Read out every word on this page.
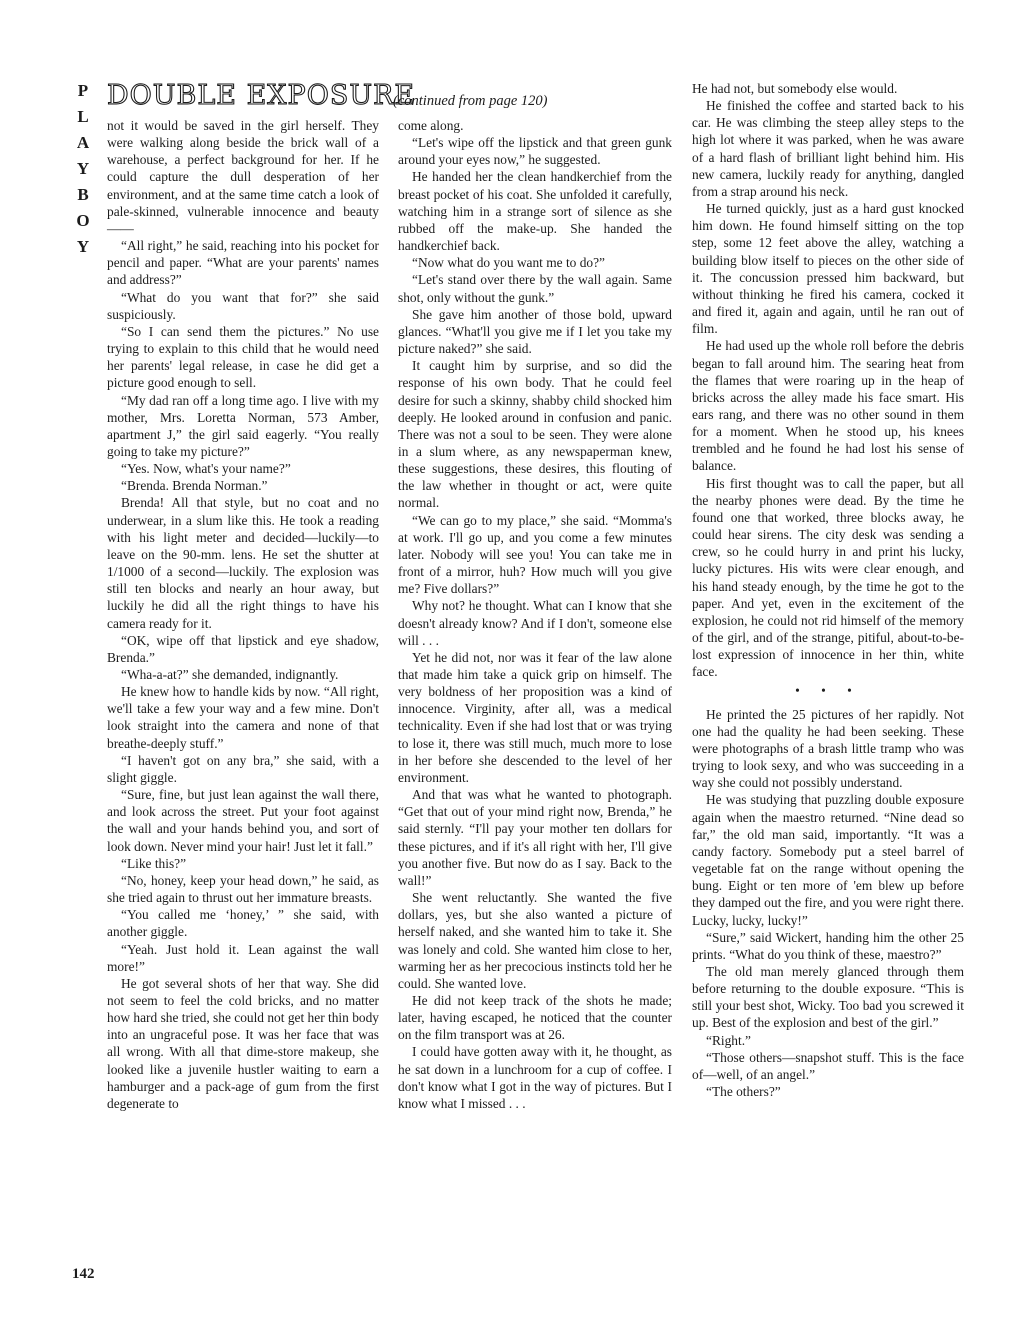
P
L
A
Y
B
O
Y
DOUBLE EXPOSURE
(continued from page 120)

not it would be saved in the girl herself. They were walking along beside the brick wall of a warehouse, a perfect background for her. If he could capture the dull desperation of her environment, and at the same time catch a look of pale-skinned, vulnerable innocence and beauty——

“All right,” he said, reaching into his pocket for pencil and paper. “What are your parents' names and address?”

“What do you want that for?” she said suspiciously.

“So I can send them the pictures.” No use trying to explain to this child that he would need her parents' legal release, in case he did get a picture good enough to sell.

“My dad ran off a long time ago. I live with my mother, Mrs. Loretta Norman, 573 Amber, apartment J,” the girl said eagerly. “You really going to take my picture?”

“Yes. Now, what's your name?”

“Brenda. Brenda Norman.”

Brenda! All that style, but no coat and no underwear, in a slum like this. He took a reading with his light meter and decided—luckily—to leave on the 90-mm. lens. He set the shutter at 1/1000 of a second—luckily. The explosion was still ten blocks and nearly an hour away, but luckily he did all the right things to have his camera ready for it.

“OK, wipe off that lipstick and eye shadow, Brenda.”

“Wha-a-at?” she demanded, indignantly.

He knew how to handle kids by now. “All right, we'll take a few your way and a few mine. Don't look straight into the camera and none of that breathe-deeply stuff.”

“I haven't got on any bra,” she said, with a slight giggle.

“Sure, fine, but just lean against the wall there, and look across the street. Put your foot against the wall and your hands behind you, and sort of look down. Never mind your hair! Just let it fall.”

“Like this?”

“No, honey, keep your head down,” he said, as she tried again to thrust out her immature breasts.

“You called me ‘honey,’ ” she said, with another giggle.

“Yeah. Just hold it. Lean against the wall more!”

He got several shots of her that way. She did not seem to feel the cold bricks, and no matter how hard she tried, she could not get her thin body into an ungraceful pose. It was her face that was all wrong. With all that dime-store makeup, she looked like a juvenile hustler waiting to earn a hamburger and a pack-age of gum from the first degenerate to

come along.

“Let's wipe off the lipstick and that green gunk around your eyes now,” he suggested.

He handed her the clean handkerchief from the breast pocket of his coat. She unfolded it carefully, watching him in a strange sort of silence as she rubbed off the make-up. She handed the handkerchief back.

“Now what do you want me to do?”

“Let's stand over there by the wall again. Same shot, only without the gunk.”

She gave him another of those bold, upward glances. “What'll you give me if I let you take my picture naked?” she said.

It caught him by surprise, and so did the response of his own body. That he could feel desire for such a skinny, shabby child shocked him deeply. He looked around in confusion and panic. There was not a soul to be seen. They were alone in a slum where, as any newspaperman knew, these suggestions, these desires, this flouting of the law whether in thought or act, were quite normal.

“We can go to my place,” she said. “Momma's at work. I'll go up, and you come a few minutes later. Nobody will see you! You can take me in front of a mirror, huh? How much will you give me? Five dollars?”

Why not? he thought. What can I know that she doesn't already know? And if I don't, someone else will . . .

Yet he did not, nor was it fear of the law alone that made him take a quick grip on himself. The very boldness of her proposition was a kind of innocence. Virginity, after all, was a medical technicality. Even if she had lost that or was trying to lose it, there was still much, much more to lose in her before she descended to the level of her environment.

And that was what he wanted to photograph. “Get that out of your mind right now, Brenda,” he said sternly. “I'll pay your mother ten dollars for these pictures, and if it's all right with her, I'll give you another five. But now do as I say. Back to the wall!”

She went reluctantly. She wanted the five dollars, yes, but she also wanted a picture of herself naked, and she wanted him to take it. She was lonely and cold. She wanted him close to her, warming her as her precocious instincts told her he could. She wanted love.

He did not keep track of the shots he made; later, having escaped, he noticed that the counter on the film transport was at 26.

I could have gotten away with it, he thought, as he sat down in a lunchroom for a cup of coffee. I don't know what I got in the way of pictures. But I know what I missed . . .

He had not, but somebody else would.

He finished the coffee and started back to his car. He was climbing the steep alley steps to the high lot where it was parked, when he was aware of a hard flash of brilliant light behind him. His new camera, luckily ready for anything, dangled from a strap around his neck.

He turned quickly, just as a hard gust knocked him down. He found himself sitting on the top step, some 12 feet above the alley, watching a building blow itself to pieces on the other side of it. The concussion pressed him backward, but without thinking he fired his camera, cocked it and fired it, again and again, until he ran out of film.

He had used up the whole roll before the debris began to fall around him. The searing heat from the flames that were roaring up in the heap of bricks across the alley made his face smart. His ears rang, and there was no other sound in them for a moment. When he stood up, his knees trembled and he found he had lost his sense of balance.

His first thought was to call the paper, but all the nearby phones were dead. By the time he found one that worked, three blocks away, he could hear sirens. The city desk was sending a crew, so he could hurry in and print his lucky, lucky pictures. His wits were clear enough, and his hand steady enough, by the time he got to the paper. And yet, even in the excitement of the explosion, he could not rid himself of the memory of the girl, and of the strange, pitiful, about-to-be-lost expression of innocence in her thin, white face.

• • •

He printed the 25 pictures of her rapidly. Not one had the quality he had been seeking. These were photographs of a brash little tramp who was trying to look sexy, and who was succeeding in a way she could not possibly understand.

He was studying that puzzling double exposure again when the maestro returned. “Nine dead so far,” the old man said, importantly. “It was a candy factory. Somebody put a steel barrel of vegetable fat on the range without opening the bung. Eight or ten more of 'em blew up before they damped out the fire, and you were right there. Lucky, lucky, lucky!”

“Sure,” said Wickert, handing him the other 25 prints. “What do you think of these, maestro?”

The old man merely glanced through them before returning to the double exposure. “This is still your best shot, Wicky. Too bad you screwed it up. Best of the explosion and best of the girl.”

“Right.”

“Those others—snapshot stuff. This is the face of—well, of an angel.”

“The others?”

142
